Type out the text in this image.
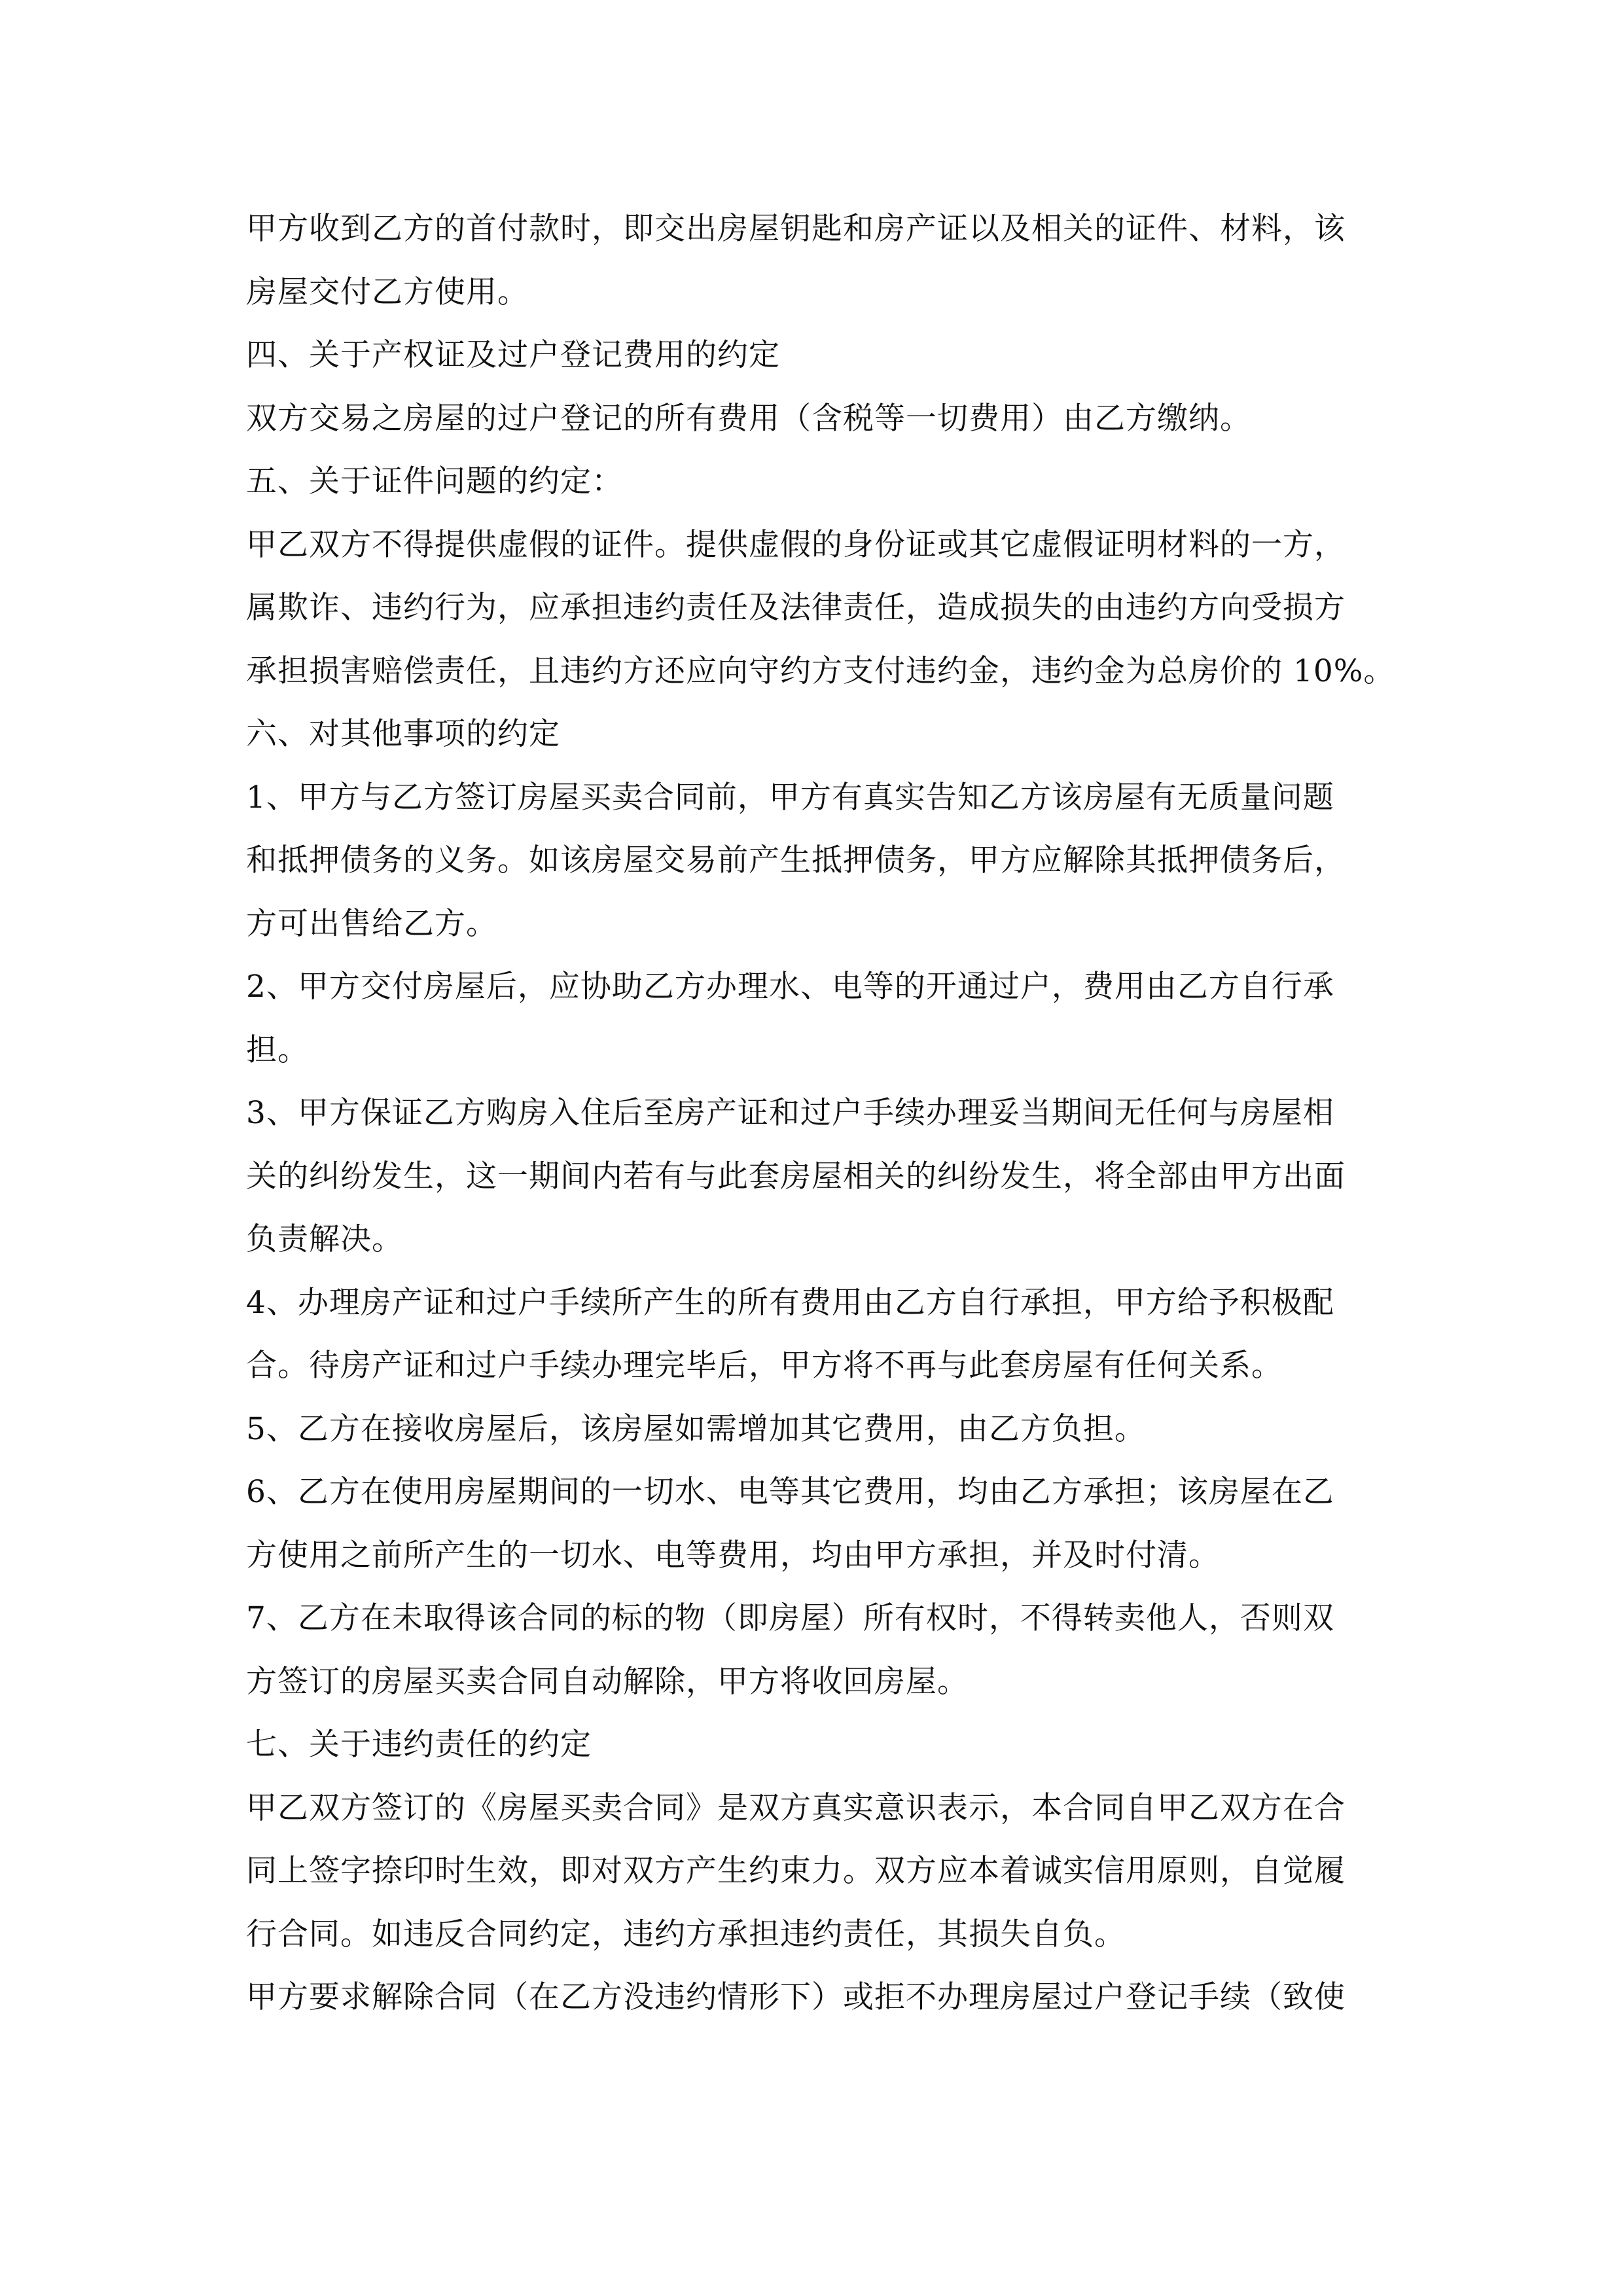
甲方收到乙方的首付款时，即交出房屋钥匙和房产证以及相关的证件、材料，该
房屋交付乙方使用。
四、关于产权证及过户登记费用的约定
双方交易之房屋的过户登记的所有费用（含税等一切费用）由乙方缴纳。
五、关于证件问题的约定：
甲乙双方不得提供虚假的证件。提供虚假的身份证或其它虚假证明材料的一方，
属欺诈、违约行为，应承担违约责任及法律责任，造成损失的由违约方向受损方
承担损害赔偿责任，且违约方还应向守约方支付违约金，违约金为总房价的 10%。
六、对其他事项的约定
1、甲方与乙方签订房屋买卖合同前，甲方有真实告知乙方该房屋有无质量问题
和抵押债务的义务。如该房屋交易前产生抵押债务，甲方应解除其抵押债务后，
方可出售给乙方。
2、甲方交付房屋后，应协助乙方办理水、电等的开通过户，费用由乙方自行承
担。
3、甲方保证乙方购房入住后至房产证和过户手续办理妥当期间无任何与房屋相
关的纠纷发生，这一期间内若有与此套房屋相关的纠纷发生，将全部由甲方出面
负责解决。
4、办理房产证和过户手续所产生的所有费用由乙方自行承担，甲方给予积极配
合。待房产证和过户手续办理完毕后，甲方将不再与此套房屋有任何关系。
5、乙方在接收房屋后，该房屋如需增加其它费用，由乙方负担。
6、乙方在使用房屋期间的一切水、电等其它费用，均由乙方承担；该房屋在乙
方使用之前所产生的一切水、电等费用，均由甲方承担，并及时付清。
7、乙方在未取得该合同的标的物（即房屋）所有权时，不得转卖他人，否则双
方签订的房屋买卖合同自动解除，甲方将收回房屋。
七、关于违约责任的约定
甲乙双方签订的《房屋买卖合同》是双方真实意识表示，本合同自甲乙双方在合
同上签字捺印时生效，即对双方产生约束力。双方应本着诚实信用原则，自觉履
行合同。如违反合同约定，违约方承担违约责任，其损失自负。
甲方要求解除合同（在乙方没违约情形下）或拒不办理房屋过户登记手续（致使
